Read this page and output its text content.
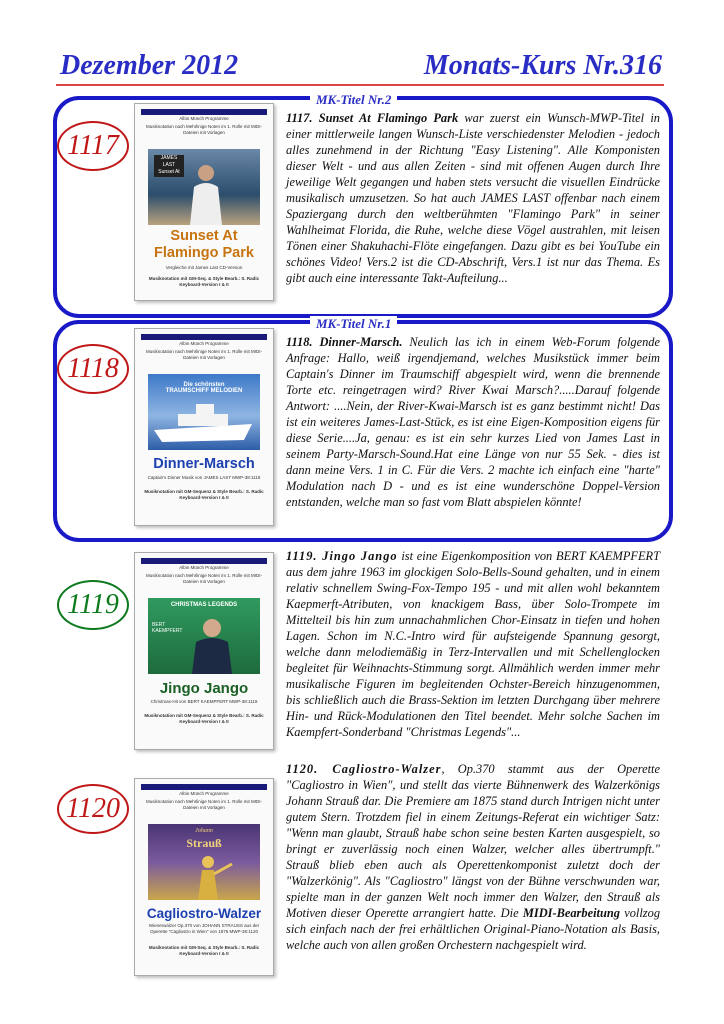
Dezember 2012	Monats-Kurs Nr.316
MK-Titel Nr.2
MK-Titel Nr.1
1117
1118
1119
1120
Albin Münch Programme
Musiknotation nach Mehrlinige Noten im 1. Rolle mit MIDI-Dateien mit Vorlagen
JAMES LAST
Sunset At
Sunset At
Flamingo Park
Vergleiche mit James Last CD-Version
Musiknotation mit GM-Seq. & Style Bearb.: S. Radic Keyboard-Version I & II
Albin Münch Programme
Musiknotation nach Mehrlinige Noten im 1. Rolle mit MIDI-Dateien mit Vorlagen
Die schönsten
TRAUMSCHIFF MELODIEN
Dinner-Marsch
Captain's Dinner Musik von JAMES LAST MWP-38:1118
Musiknotation mit GM-Sequenz & Style Bearb.: S. Radic Keyboard-Version I & II
Albin Münch Programme
Musiknotation nach Mehrlinige Noten im 1. Rolle mit MIDI-Dateien mit Vorlagen
CHRISTMAS LEGENDS
BERT KAEMPFERT
Jingo Jango
Christmas-Hit von BERT KAEMPFERT MWP-38:1119
Musiknotation mit GM-Sequenz & Style Bearb.: S. Radic Keyboard-Version I & II
Albin Münch Programme
Musiknotation nach Mehrlinige Noten im 1. Rolle mit MIDI-Dateien mit Vorlagen
Johann
Strauß
Cagliostro-Walzer
Wienerwalzer Op.370 von JOHANN STRAUSS aus der Operette "Cagliostro in Wien" von 1875 MWP-38:1120
Musiknotation mit GM-Seq. & Style Bearb.: S. Radic Keyboard-Version I & II
1117. Sunset At Flamingo Park war zuerst ein Wunsch-MWP-Titel in einer mittlerweile langen Wunsch-Liste verschiedenster Melodien - jedoch alles zunehmend in der Richtung "Easy Listening". Alle Komponisten dieser Welt - und aus allen Zeiten - sind mit offenen Augen durch Ihre jeweilige Welt gegangen und haben stets versucht die visuellen Eindrücke musikalisch umzusetzen. So hat auch JAMES LAST offenbar nach einem Spaziergang durch den weltberühmten "Flamingo Park" in seiner Wahlheimat Florida, die Ruhe, welche diese Vögel austrahlen, mit leisen Tönen einer Shakuhachi-Flöte eingefangen. Dazu gibt es bei YouTube ein schönes Video! Vers.2 ist die CD-Abschrift, Vers.1 ist nur das Thema. Es gibt auch eine interessante Takt-Aufteilung...
1118. Dinner-Marsch. Neulich las ich in einem Web-Forum folgende Anfrage: Hallo, weiß irgendjemand, welches Musikstück immer beim Captain's Dinner im Traumschiff abgespielt wird, wenn die brennende Torte etc. reingetragen wird? River Kwai Marsch?.....Darauf folgende Antwort: ....Nein, der River-Kwai-Marsch ist es ganz bestimmt nicht! Das ist ein weiteres James-Last-Stück, es ist eine Eigen-Komposition eigens für diese Serie....Ja, genau: es ist ein sehr kurzes Lied von James Last in seinem Party-Marsch-Sound.Hat eine Länge von nur 55 Sek. - dies ist dann meine Vers. 1 in C. Für die Vers. 2 machte ich einfach eine "harte" Modulation nach D - und es ist eine wunderschöne Doppel-Version entstanden, welche man so fast vom Blatt abspielen könnte!
1119. Jingo Jango ist eine Eigenkomposition von BERT KAEMPFERT aus dem jahre 1963 im glockigen Solo-Bells-Sound gehalten, und in einem relativ schnellem Swing-Fox-Tempo 195 - und mit allen wohl bekanntem Kaepmerft-Atributen, von knackigem Bass, über Solo-Trompete im Mittelteil bis hin zum unnachahmlichen Chor-Einsatz in tiefen und hohen Lagen. Schon im N.C.-Intro wird für aufsteigende Spannung gesorgt, welche dann melodiemäßig in Terz-Intervallen und mit Schellenglocken begleitet für Weihnachts-Stimmung sorgt. Allmählich werden immer mehr musikalische Figuren im begleitenden Ochster-Bereich hinzugenommen, bis schließlich auch die Brass-Sektion im letzten Durchgang über mehrere Hin- und Rück-Modulationen den Titel beendet. Mehr solche Sachen im Kaempfert-Sonderband "Christmas Legends"...
1120. Cagliostro-Walzer, Op.370 stammt aus der Operette "Cagliostro in Wien", und stellt das vierte Bühnenwerk des Walzerkönigs Johann Strauß dar. Die Premiere am 1875 stand durch Intrigen nicht unter gutem Stern. Trotzdem fiel in einem Zeitungs-Referat ein wichtiger Satz: "Wenn man glaubt, Strauß habe schon seine besten Karten ausgespielt, so bringt er zuverlässig noch einen Walzer, welcher alles übertrumpft." Strauß blieb eben auch als Operettenkomponist zuletzt doch der "Walzerkönig". Als "Cagliostro" längst von der Bühne verschwunden war, spielte man in der ganzen Welt noch immer den Walzer, den Strauß als Motiven dieser Operette arrangiert hatte. Die MIDI-Bearbeitung vollzog sich einfach nach der frei erhältlichen Original-Piano-Notation als Basis, welche auch von allen großen Orchestern nachgespielt wird.
